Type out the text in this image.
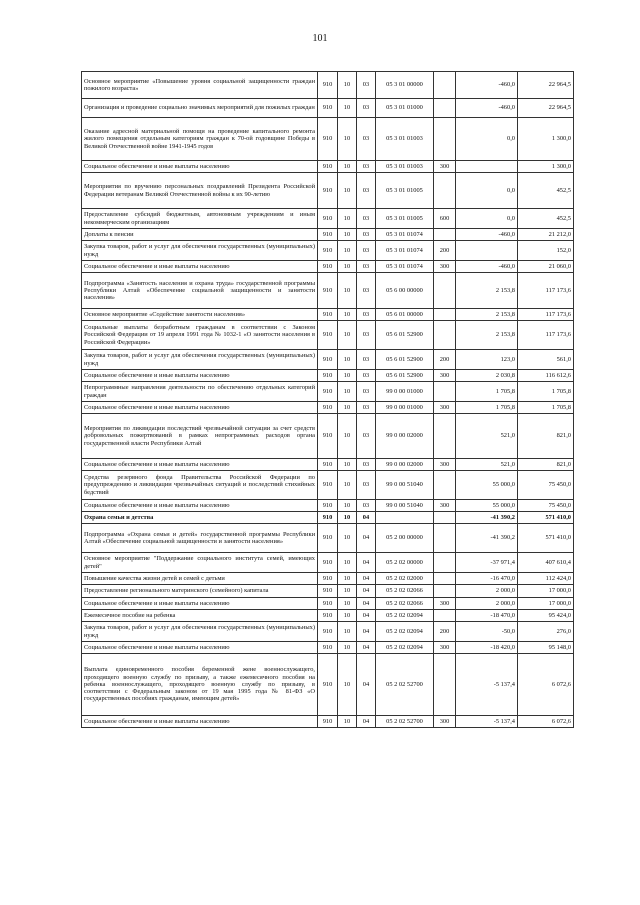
101
Основное мероприятие «Повышение уровня социальной защищенности граждан пожилого возраста»	910	10	03	05 3 01 00000		-460,0	22 964,5
Организация и проведение социально значимых мероприятий для пожилых граждан	910	10	03	05 3 01 01000		-460,0	22 964,5
Оказание адресной материальной помощи на проведение капитального ремонта жилого помещения отдельным категориям граждан к 70-ой годовщине Победы в Великой Отечественной войне 1941-1945 годов	910	10	03	05 3 01 01003		0,0	1 300,0
Социальное обеспечение и иные выплаты населению	910	10	03	05 3 01 01003	300		1 300,0
Мероприятия по вручению персональных поздравлений Президента Российской Федерации ветеранам Великой Отечественной войны к их 90-летию	910	10	03	05 3 01 01005		0,0	452,5
Предоставление субсидий бюджетным, автономным учреждениям и иным некоммерческим организациям	910	10	03	05 3 01 01005	600	0,0	452,5
Доплаты к пенсии	910	10	03	05 3 01 01074		-460,0	21 212,0
Закупка товаров, работ и услуг для обеспечения государственных (муниципальных) нужд	910	10	03	05 3 01 01074	200		152,0
Социальное обеспечение и иные выплаты населению	910	10	03	05 3 01 01074	300	-460,0	21 060,0
Подпрограмма «Занятость населения и охрана труда» государственной программы Республики Алтай «Обеспечение социальной защищенности и занятости населения»	910	10	03	05 6 00 00000		2 153,8	117 173,6
Основное мероприятие «Содействие занятости населения»	910	10	03	05 6 01 00000		2 153,8	117 173,6
Социальные выплаты безработным гражданам в соответствии с Законом Российской Федерации от 19 апреля 1991 года № 1032-1 «О занятости населения в Российской Федерации»	910	10	03	05 6 01 52900		2 153,8	117 173,6
Закупка товаров, работ и услуг для обеспечения государственных (муниципальных) нужд	910	10	03	05 6 01 52900	200	123,0	561,0
Социальное обеспечение и иные выплаты населению	910	10	03	05 6 01 52900	300	2 030,8	116 612,6
Непрограммные направления деятельности по обеспечению отдельных категорий граждан	910	10	03	99 0 00 01000		1 705,8	1 705,8
Социальное обеспечение и иные выплаты населению	910	10	03	99 0 00 01000	300	1 705,8	1 705,8
Мероприятия по ликвидации последствий чрезвычайной ситуации за счет средств добровольных пожертвований в рамках непрограммных расходов органа государственной власти Республики Алтай	910	10	03	99 0 00 02000		521,0	821,0
Социальное обеспечение и иные выплаты населению	910	10	03	99 0 00 02000	300	521,0	821,0
Средства резервного фонда Правительства Российской Федерации по предупреждению и ликвидации чрезвычайных ситуаций и последствий стихийных бедствий	910	10	03	99 0 00 51040		55 000,0	75 450,0
Социальное обеспечение и иные выплаты населению	910	10	03	99 0 00 51040	300	55 000,0	75 450,0
Охрана семьи и детства	910	10	04			-41 390,2	571 410,0
Подпрограмма «Охрана семьи и детей» государственной программы Республики Алтай «Обеспечение социальной защищенности и занятости населения»	910	10	04	05 2 00 00000		-41 390,2	571 410,0
Основное мероприятие "Поддержание социального института семей, имеющих детей"	910	10	04	05 2 02 00000		-37 971,4	407 610,4
Повышение качества жизни детей и семей с детьми	910	10	04	05 2 02 02000		-16 470,0	112 424,0
Предоставление регионального материнского (семейного) капитала	910	10	04	05 2 02 02066		2 000,0	17 000,0
Социальное обеспечение и иные выплаты населению	910	10	04	05 2 02 02066	300	2 000,0	17 000,0
Ежемесячное пособие на ребенка	910	10	04	05 2 02 02094		-18 470,0	95 424,0
Закупка товаров, работ и услуг для обеспечения государственных (муниципальных) нужд	910	10	04	05 2 02 02094	200	-50,0	276,0
Социальное обеспечение и иные выплаты населению	910	10	04	05 2 02 02094	300	-18 420,0	95 148,0
Выплата единовременного пособия беременной жене военнослужащего, проходящего военную службу по призыву, а также ежемесячного пособия на ребенка военнослужащего, проходящего военную службу по призыву, в соответствии с Федеральным законом от 19 мая 1995 года № 81-ФЗ «О государственных пособиях гражданам, имеющим детей»	910	10	04	05 2 02 52700		-5 137,4	6 072,6
Социальное обеспечение и иные выплаты населению	910	10	04	05 2 02 52700	300	-5 137,4	6 072,6
